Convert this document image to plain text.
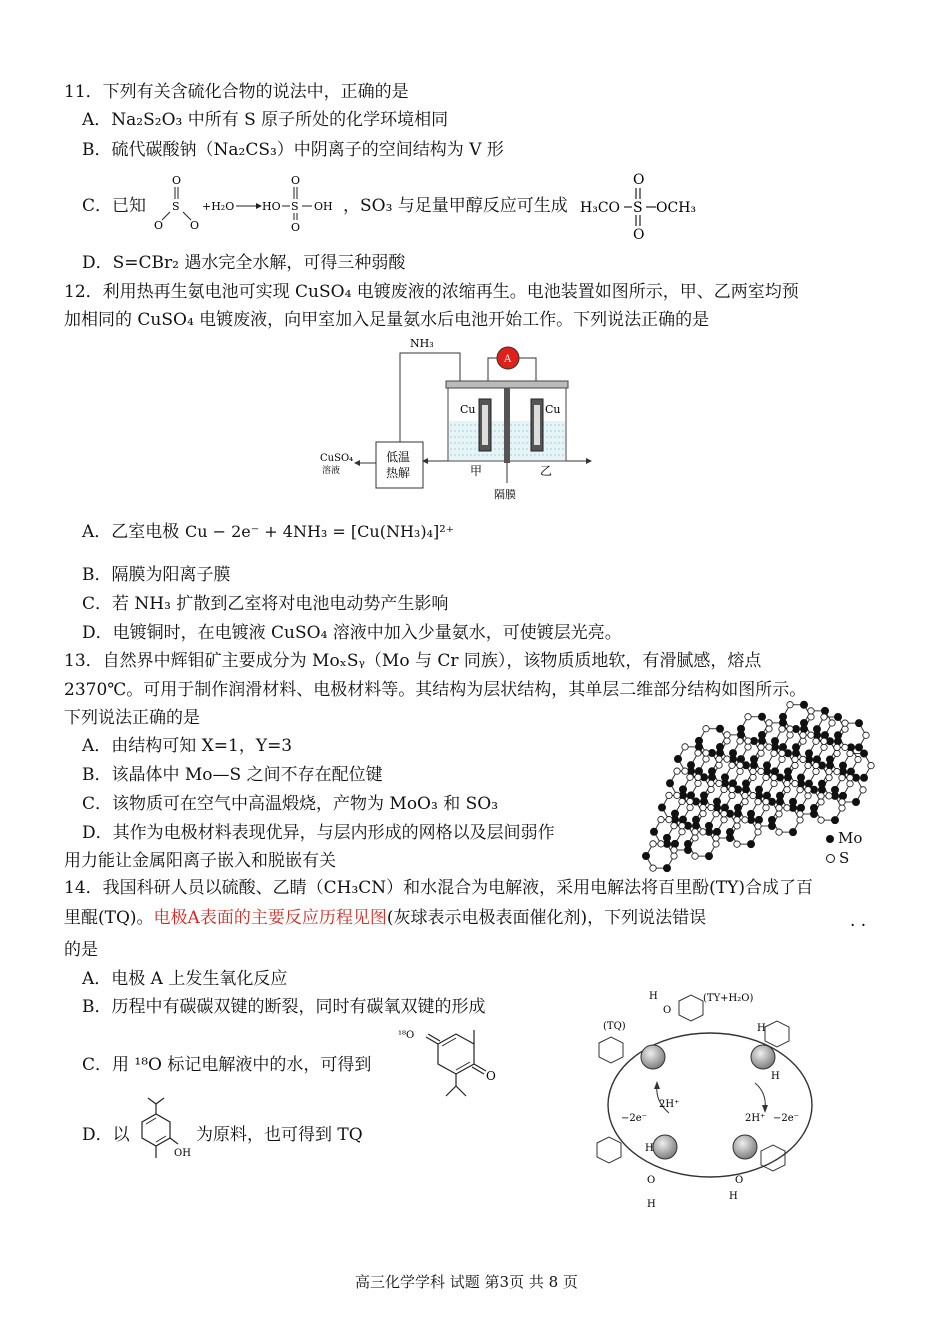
11．下列有关含硫化合物的说法中，正确的是
A．Na₂S₂O₃ 中所有 S 原子所处的化学环境相同
B．硫代碳酸钠（Na₂CS₃）中阴离子的空间结构为 V 形
C．已知
O
S
O O
+H₂O	HO S
O
O
OH ，SO₃ 与足量甲醇反应可生成 H₃CO S
O
O
OCH₃
D．S=CBr₂ 遇水完全水解，可得三种弱酸
12．利用热再生氨电池可实现 CuSO₄ 电镀废液的浓缩再生。电池装置如图所示，甲、乙两室均预
加相同的 CuSO₄ 电镀废液，向甲室加入足量氨水后电池开始工作。下列说法正确的是
NH₃
A
Cu	Cu
甲	乙
隔膜
低温
热解
CuSO₄
溶液
A．乙室电极 Cu − 2e⁻ + 4NH₃ = [Cu(NH₃)₄]²⁺
B．隔膜为阳离子膜
C．若 NH₃ 扩散到乙室将对电池电动势产生影响
D．电镀铜时，在电镀液 CuSO₄ 溶液中加入少量氨水，可使镀层光亮。
13．自然界中辉钼矿主要成分为 MoₓSᵧ（Mo 与 Cr 同族），该物质质地软，有滑腻感，熔点
2370℃。可用于制作润滑材料、电极材料等。其结构为层状结构，其单层二维部分结构如图所示。
下列说法正确的是
A．由结构可知 X=1，Y=3
B．该晶体中 Mo—S 之间不存在配位键
C．该物质可在空气中高温煅烧，产物为 MoO₃ 和 SO₃
D．其作为电极材料表现优异，与层内形成的网格以及层间弱作
用力能让金属阳离子嵌入和脱嵌有关
Mo
S
14．我国科研人员以硫酸、乙睛（CH₃CN）和水混合为电解液，采用电解法将百里酚(TY)合成了百
里醌(TQ)。电极A表面的主要反应历程见图(灰球表示电极表面催化剂)，下列说法错误	· ·
的是
A．电极 A 上发生氧化反应
B．历程中有碳碳双键的断裂，同时有碳氧双键的形成
C．用 ¹⁸O 标记电解液中的水，可得到
¹⁸O
O
D．以
OH
为原料，也可得到 TQ
(TY+H₂O)
(TQ)
H
O
H
H
2H⁺ −2e⁻
2H⁺
−2e⁻
H
O
H
O
H
高三化学学科 试题 第3页 共 8 页
